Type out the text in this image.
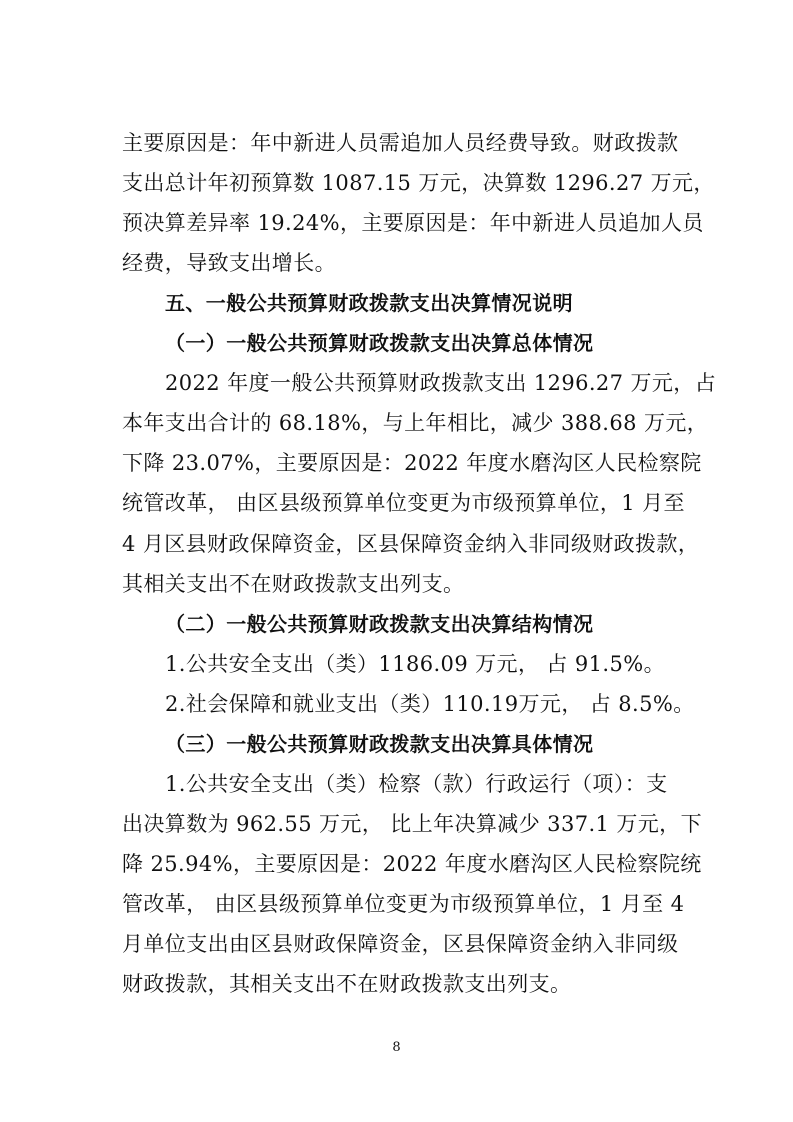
主要原因是：年中新进人员需追加人员经费导致。财政拨款
支出总计年初预算数 1087.15 万元，决算数 1296.27 万元，
预决算差异率 19.24%，主要原因是：年中新进人员追加人员
经费，导致支出增长。
五、一般公共预算财政拨款支出决算情况说明
（一）一般公共预算财政拨款支出决算总体情况
2022 年度一般公共预算财政拨款支出 1296.27 万元，占
本年支出合计的 68.18%，与上年相比，减少 388.68 万元，
下降 23.07%，主要原因是：2022 年度水磨沟区人民检察院
统管改革， 由区县级预算单位变更为市级预算单位，1 月至
4 月区县财政保障资金，区县保障资金纳入非同级财政拨款，
其相关支出不在财政拨款支出列支。
（二）一般公共预算财政拨款支出决算结构情况
1.公共安全支出（类）1186.09 万元， 占 91.5%。
2.社会保障和就业支出（类）110.19万元， 占 8.5%。
（三）一般公共预算财政拨款支出决算具体情况
1.公共安全支出（类）检察（款）行政运行（项）：支
出决算数为 962.55 万元， 比上年决算减少 337.1 万元，下
降 25.94%，主要原因是：2022 年度水磨沟区人民检察院统
管改革， 由区县级预算单位变更为市级预算单位，1 月至 4
8
月单位支出由区县财政保障资金，区县保障资金纳入非同级
财政拨款，其相关支出不在财政拨款支出列支。
